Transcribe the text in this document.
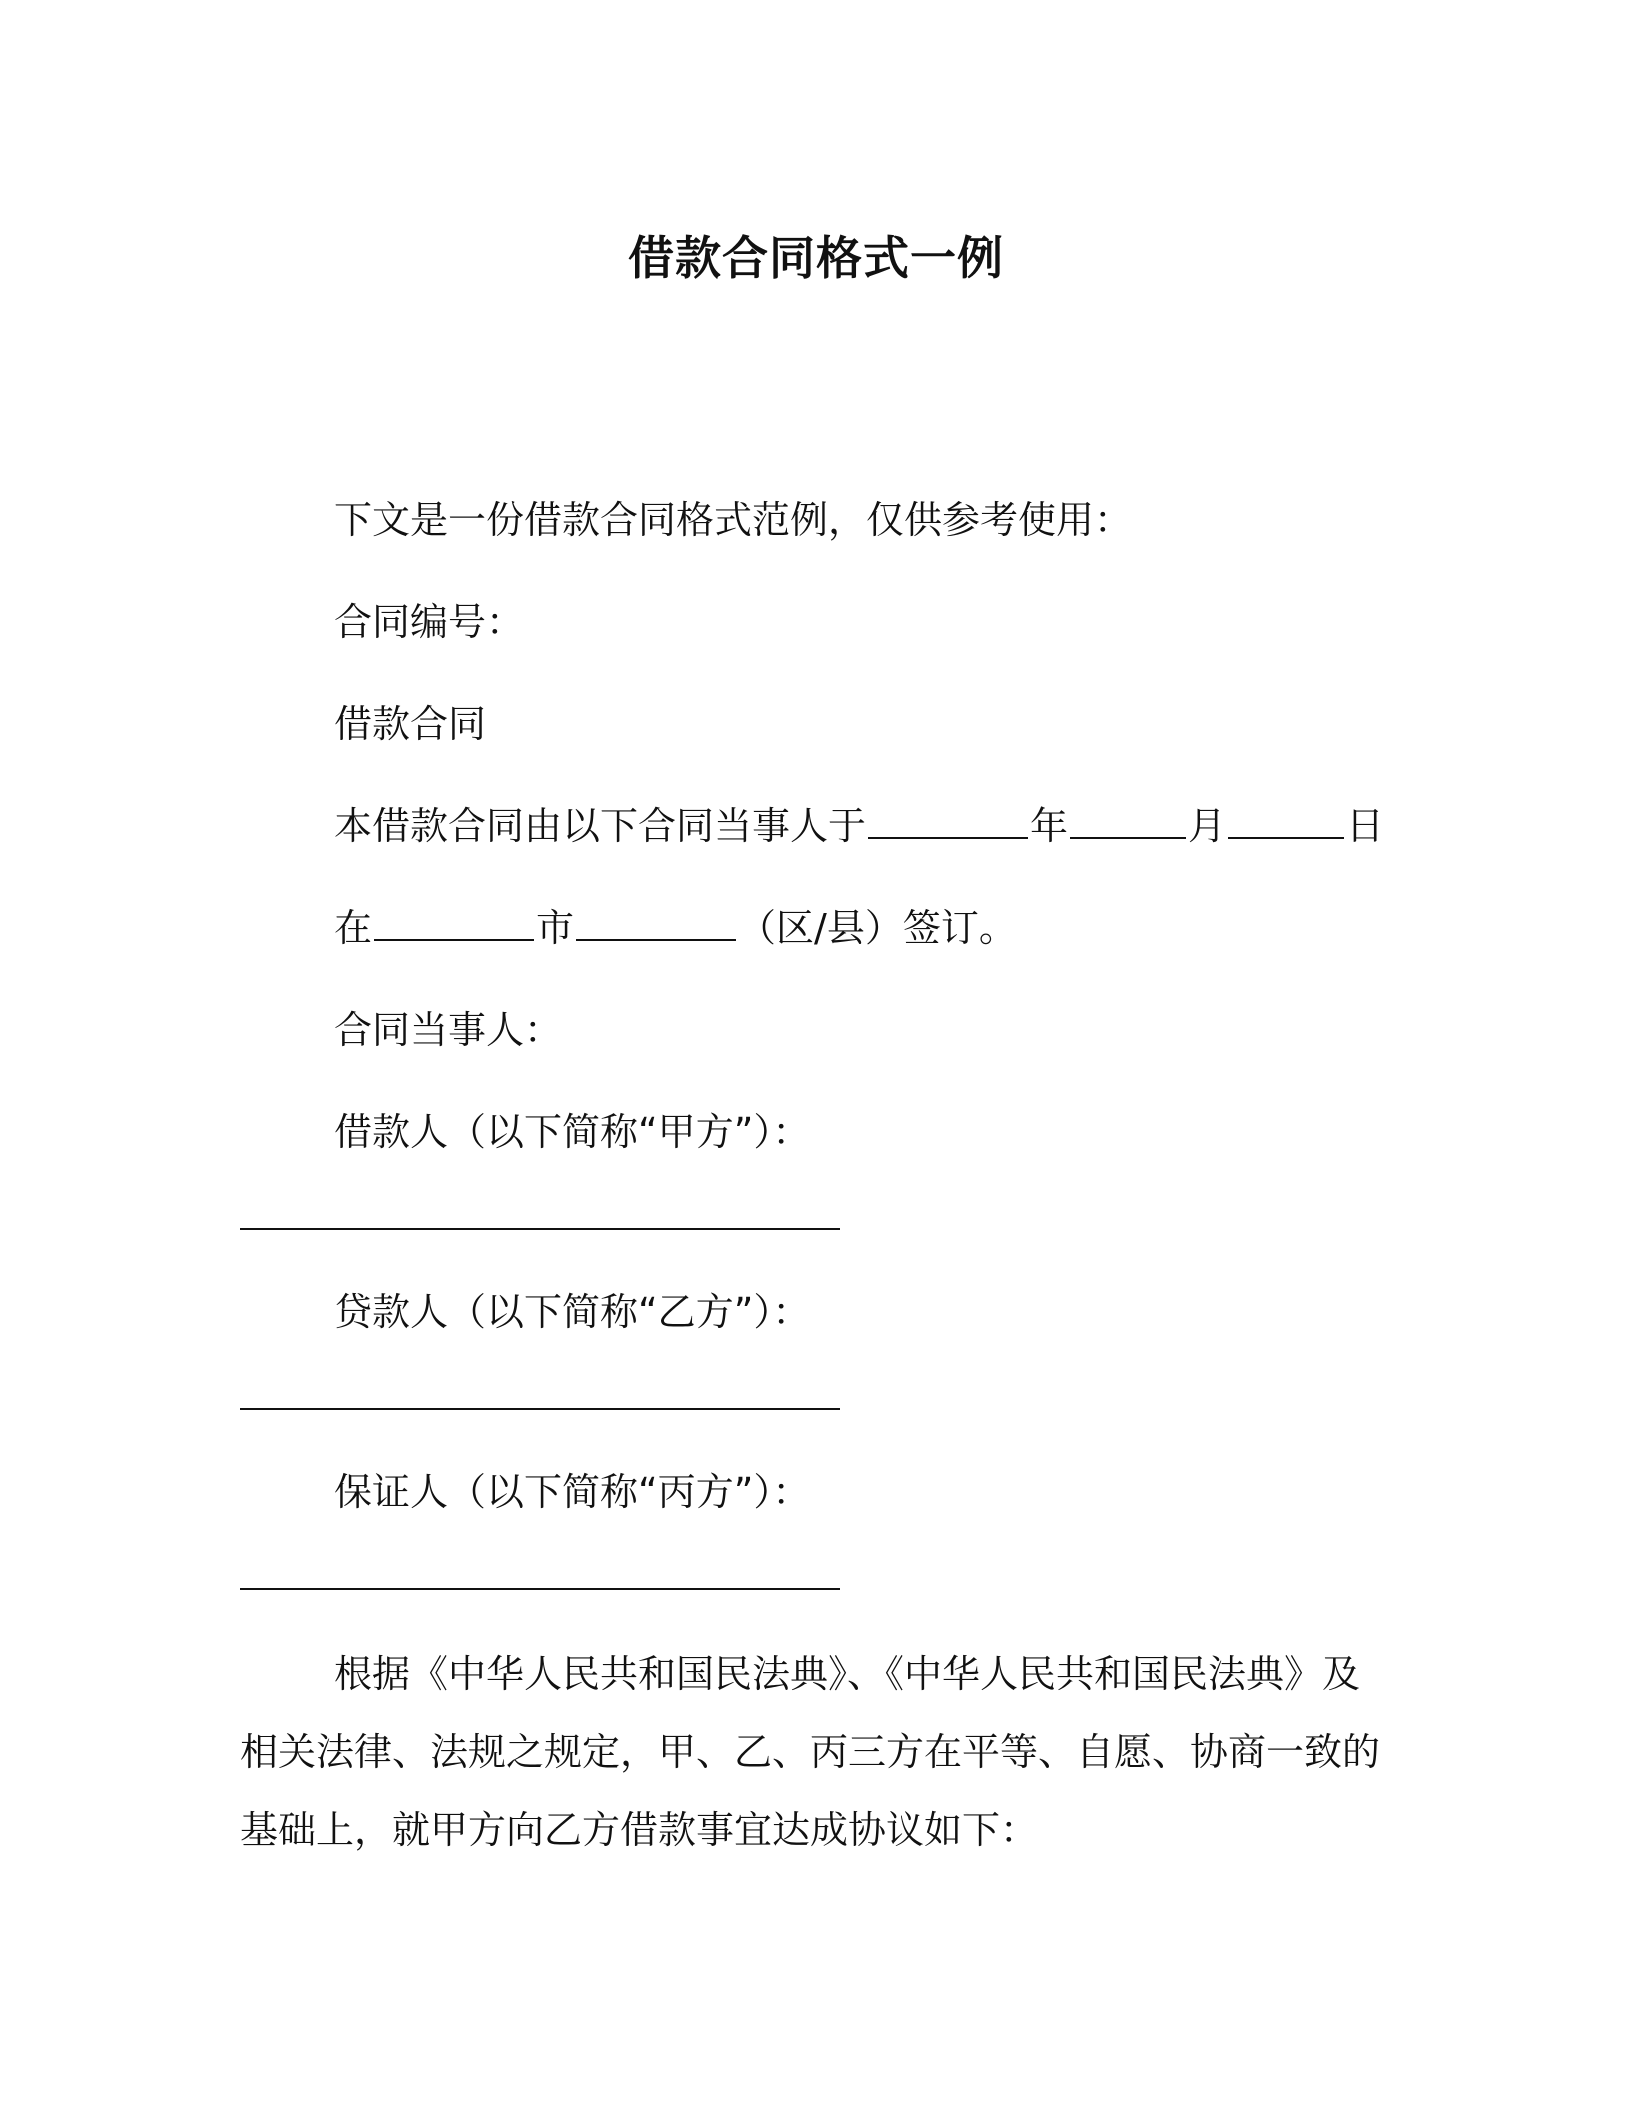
借款合同格式一例
下文是一份借款合同格式范例，仅供参考使用：
合同编号：
借款合同
本借款合同由以下合同当事人于	年	月	日
在	市	（区/县）签订。
合同当事人：
借款人（以下简称“甲方”）：
贷款人（以下简称“乙方”）：
保证人（以下简称“丙方”）：
根据《中华人民共和国民法典》、《中华人民共和国民法典》及
相关法律、法规之规定，甲、乙、丙三方在平等、自愿、协商一致的
基础上，就甲方向乙方借款事宜达成协议如下：
